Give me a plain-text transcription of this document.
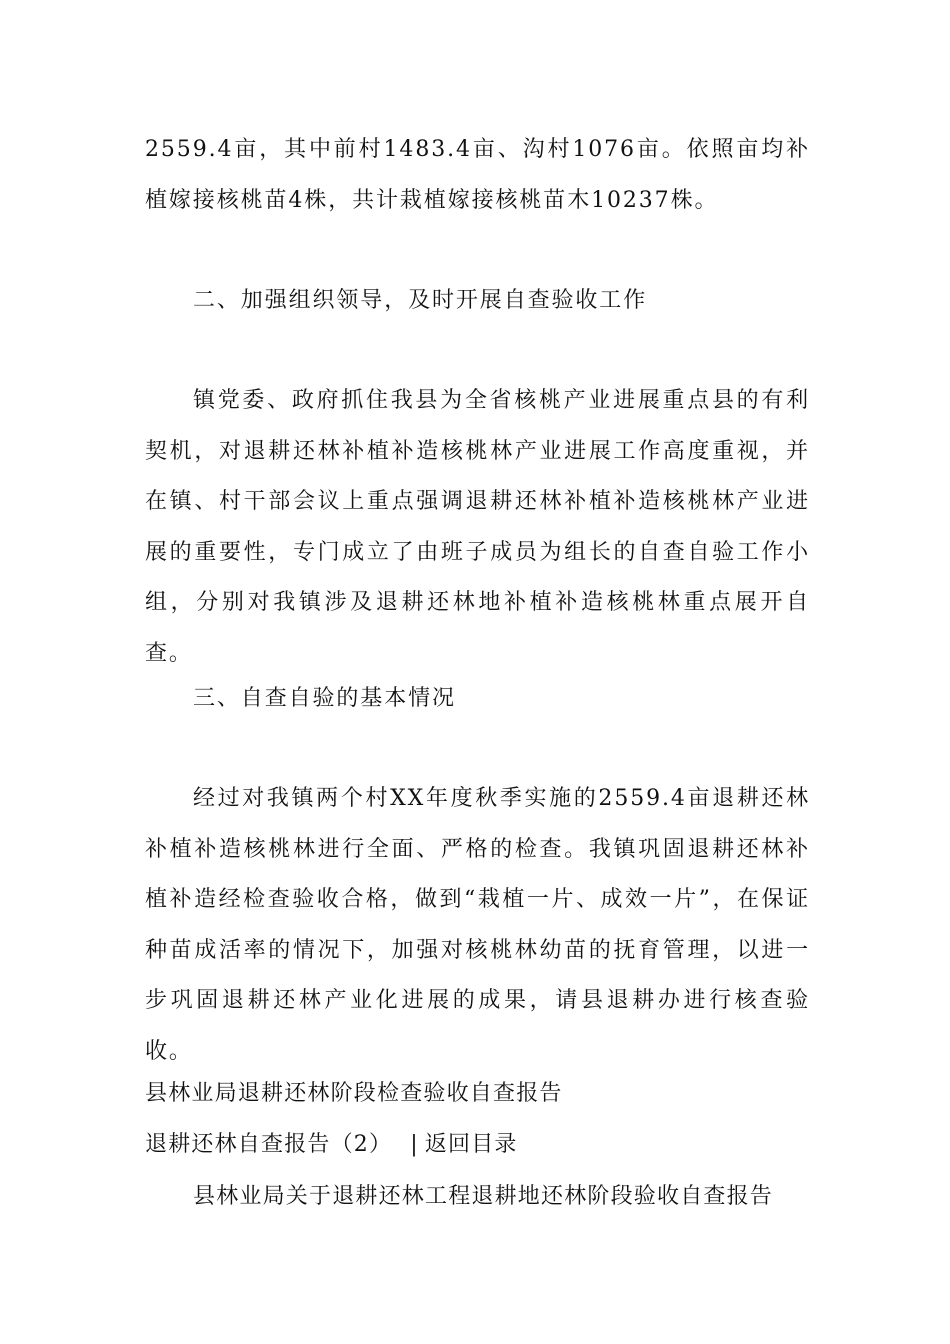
2559.4亩，其中前村1483.4亩、沟村1076亩。依照亩均补植嫁接核桃苗4株，共计栽植嫁接核桃苗木10237株。

二、加强组织领导，及时开展自查验收工作

镇党委、政府抓住我县为全省核桃产业进展重点县的有利契机，对退耕还林补植补造核桃林产业进展工作高度重视，并在镇、村干部会议上重点强调退耕还林补植补造核桃林产业进展的重要性，专门成立了由班子成员为组长的自查自验工作小组，分别对我镇涉及退耕还林地补植补造核桃林重点展开自查。

三、自查自验的基本情况

经过对我镇两个村XX年度秋季实施的2559.4亩退耕还林补植补造核桃林进行全面、严格的检查。我镇巩固退耕还林补植补造经检查验收合格，做到“栽植一片、成效一片”，在保证种苗成活率的情况下，加强对核桃林幼苗的抚育管理，以进一步巩固退耕还林产业化进展的成果，请县退耕办进行核查验收。

县林业局退耕还林阶段检查验收自查报告
退耕还林自查报告（2） | 返回目录
县林业局关于退耕还林工程退耕地还林阶段验收自查报告
